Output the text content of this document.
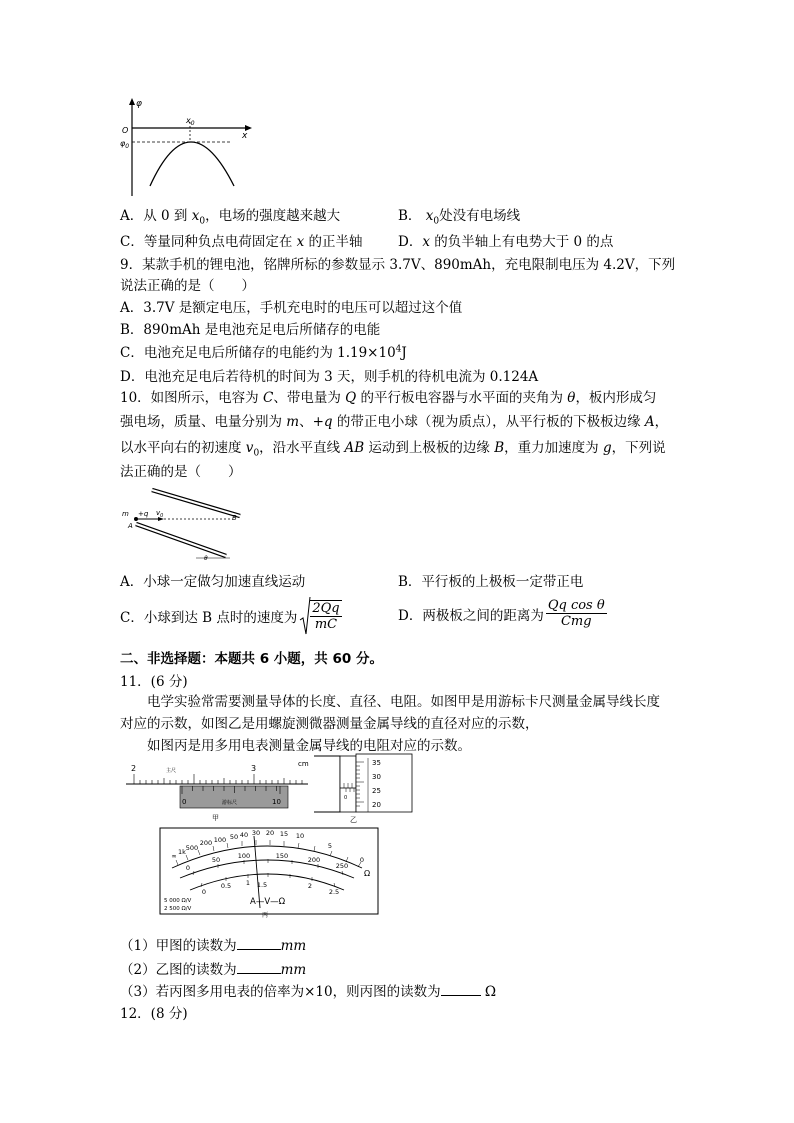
φ
x
O
$x_0$
$\varphi_0$
A．从 0 到 $x_0$，电场的强度越来越大	B． $x_0$处没有电场线
C．等量同种负点电荷固定在 x 的正半轴	D．x 的负半轴上有电势大于 0 的点
9．某款手机的锂电池，铭牌所标的参数显示 3.7V、890mAh，充电限制电压为 4.2V，下列
说法正确的是（　　）
A．3.7V 是额定电压，手机充电时的电压可以超过这个值
B．890mAh 是电池充足电后所储存的电能
C．电池充足电后所储存的电能约为 $1.19\times 10^4J$
D．电池充足电后若待机的时间为 3 天，则手机的待机电流为 0.124A
10．如图所示，电容为 C、带电量为 Q 的平行板电容器与水平面的夹角为 θ，板内形成匀
强电场，质量、电量分别为 m、+q 的带正电小球（视为质点），从平行板的下极板边缘 A，
以水平向右的初速度 $v_0$，沿水平直线 AB 运动到上极板的边缘 B，重力加速度为 g，下列说
法正确的是（　　）
m +q $v_0$
A
B
θ
A．小球一定做匀加速直线运动	B．平行板的上极板一定带正电
C．小球到达 B 点时的速度为 $\frac{2Qq}{mC}$	D．两极板之间的距离为 $\frac{\text{Qq cos θ}}{\text{Cmg}}$
二、非选择题：本题共 6 小题，共 60 分。
11．(6 分)
电学实验常需要测量导体的长度、直径、电阻。如图甲是用游标卡尺测量金属导线长度
对应的示数，如图乙是用螺旋测微器测量金属导线的直径对应的示数，
如图丙是用多用电表测量金属导线的电阻对应的示数。
2	3
主尺
cm
0	10
游标尺
甲
35
30
25
20
0
乙
∞ 1k 500
200 100 50 40 30 20 15 10
5
0
0
50	100	150	200
250
0
0.5 1 1.5	2
2.5
Ω
A—V—Ω
5 000 Ω/V
2 500 Ω/V
丙
（1）甲图的读数为	mm
（2）乙图的读数为	mm
（3）若丙图多用电表的倍率为×10，则丙图的读数为	Ω
12．(8 分)
